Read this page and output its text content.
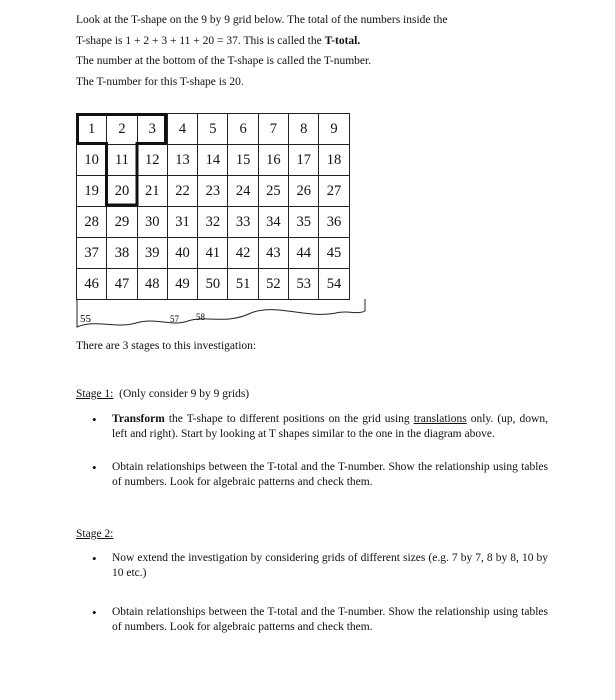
Look at the T-shape on the 9 by 9 grid below. The total of the numbers inside the

T-shape is 1 + 2 + 3 + 11 + 20 = 37. This is called the T-total.

The number at the bottom of the T-shape is called the T-number.

The T-number for this T-shape is 20.

1	2	3	4	5	6	7	8	9
10	11	12	13	14	15	16	17	18
19	20	21	22	23	24	25	26	27
28	29	30	31	32	33	34	35	36
37	38	39	40	41	42	43	44	45
46	47	48	49	50	51	52	53	54
55	57 58
There are 3 stages to this investigation:
Stage 1:  (Only consider 9 by 9 grids)

• Transform the T-shape to different positions on the grid using translations only. (up, down, left and right). Start by looking at T shapes similar to the one in the diagram above.

• Obtain relationships between the T-total and the T-number. Show the relationship using tables of numbers. Look for algebraic patterns and check them.

Stage 2:

• Now extend the investigation by considering grids of different sizes (e.g. 7 by 7, 8 by 8, 10 by 10 etc.)

• Obtain relationships between the T-total and the T-number. Show the relationship using tables of numbers. Look for algebraic patterns and check them.
